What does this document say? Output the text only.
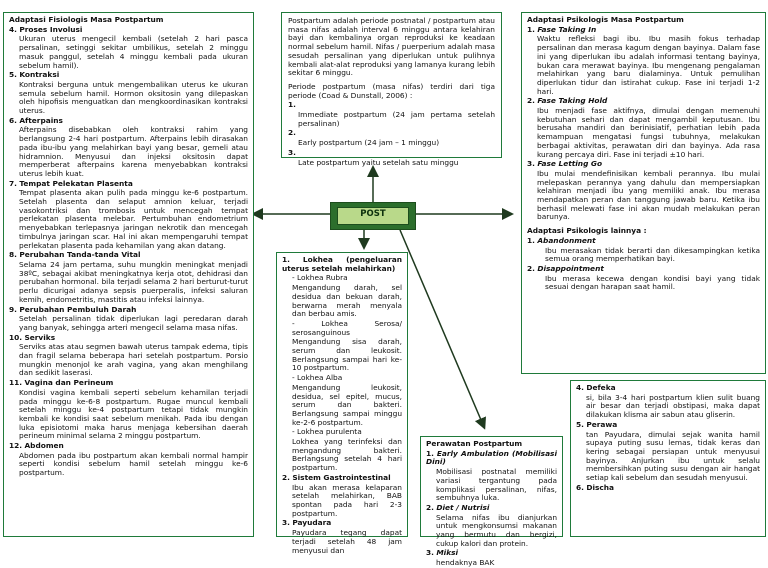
POST

Adaptasi Fisiologis Masa Postpartum

4. Proses Involusi

Ukuran uterus mengecil kembali (setelah 2 hari pasca persalinan, setinggi sekitar umbilikus, setelah 2 minggu masuk panggul, setelah 4 minggu kembali pada ukuran sebelum hamil).

5. Kontraksi

Kontraksi berguna untuk mengembalikan uterus ke ukuran semula sebelum hamil. Hormon oksitosin yang dilepaskan oleh hipofisis menguatkan dan mengkoordinasikan kontraksi uterus.

6. Afterpains

Afterpains disebabkan oleh kontraksi rahim yang berlangsung 2-4 hari postpartum. Afterpains lebih dirasakan pada ibu-ibu yang melahirkan bayi yang besar, gemeli atau hidramnion. Menyusui dan injeksi oksitosin dapat memperberat afterpains karena menyebabkan kontraksi uterus lebih kuat.

7. Tempat Pelekatan Plasenta

Tempat plasenta akan pulih pada minggu ke-6 postpartum. Setelah plasenta dan selaput amnion keluar, terjadi vasokontriksi dan trombosis untuk mencegah tempat perlekatan plasenta melebar. Pertumbuhan endometrium menyebabkan terlepasnya jaringan nekrotik dan mencegah timbulnya jaringan scar. Hal ini akan mempengaruhi tempat perlekatan plasenta pada kehamilan yang akan datang.

8. Perubahan Tanda-tanda Vital

Selama 24 jam pertama, suhu mungkin meningkat menjadi 38ºC, sebagai akibat meningkatnya kerja otot, dehidrasi dan perubahan hormonal. bila terjadi selama 2 hari berturut-turut perlu dicurigai adanya sepsis puerperalis, infeksi saluran kemih, endometritis, mastitis atau infeksi lainnya.

9. Perubahan Pembuluh Darah

Setelah persalinan tidak diperlukan lagi peredaran darah yang banyak, sehingga arteri mengecil selama masa nifas.

10. Serviks

Serviks atas atau segmen bawah uterus tampak edema, tipis dan fragil selama beberapa hari setelah postpartum. Porsio mungkin menonjol ke arah vagina, yang akan menghilang dan sedikit laserasi.

11. Vagina dan Perineum

Kondisi vagina kembali seperti sebelum kehamilan terjadi pada minggu ke-6-8 postpartum. Rugae muncul kembali setelah minggu ke-4 postpartum tetapi tidak mungkin kembali ke kondisi saat sebelum menikah. Pada ibu dengan luka episiotomi maka harus menjaga kebersihan daerah perineum minimal selama 2 minggu postpartum.

12. Abdomen

Abdomen pada ibu postpartum akan kembali normal hampir seperti kondisi sebelum hamil setelah minggu ke-6 postpartum.

Postpartum adalah periode postnatal / postpartum atau masa nifas adalah interval 6 minggu antara kelahiran bayi dan kembalinya organ reproduksi ke keadaan normal sebelum hamil. Nifas / puerperium adalah masa sesudah persalinan yang diperlukan untuk pulihnya kembali alat-alat reproduksi yang lamanya kurang lebih sekitar 6 minggu.

Periode postpartum (masa nifas) terdiri dari tiga periode (Coad & Dunstall, 2006) :

1.

Immediate postpartum (24 jam pertama setelah persalinan)

2.

Early postpartum (24 jam – 1 minggu)

3.

Late postpartum yaitu setelah satu minggu

Adaptasi Psikologis Masa Postpartum

1. Fase Taking In

Waktu refleksi bagi ibu. Ibu masih fokus terhadap persalinan dan merasa kagum dengan bayinya. Dalam fase ini yang diperlukan ibu adalah informasi tentang bayinya, bukan cara merawat bayinya. Ibu mengenang pengalaman melahirkan yang baru dialaminya. Untuk pemulihan diperlukan tidur dan istirahat cukup. Fase ini terjadi 1-2 hari.

2. Fase Taking Hold

Ibu menjadi fase aktifnya, dimulai dengan memenuhi kebutuhan sehari dan dapat mengambil keputusan. Ibu berusaha mandiri dan berinisiatif, perhatian lebih pada kemampuan mengatasi fungsi tubuhnya, melakukan berbagai aktivitas, perawatan diri dan bayinya. Ada rasa kurang percaya diri. Fase ini terjadi ±10 hari.

3. Fase Letting Go

Ibu mulai mendefinisikan kembali perannya. Ibu mulai melepaskan perannya yang dahulu dan mempersiapkan kelahiran menjadi ibu yang memiliki anak. Ibu merasa mendapatkan peran dan tanggung jawab baru. Ketika ibu berhasil melewati fase ini akan mudah melakukan peran barunya.

Adaptasi Psikologis lainnya :

1. Abandonment

Ibu merasakan tidak berarti dan dikesampingkan ketika semua orang memperhatikan bayi.

2. Disappointment

Ibu merasa kecewa dengan kondisi bayi yang tidak sesuai dengan harapan saat hamil.

1. Lokhea (pengeluaran uterus setelah melahirkan)

- Lokhea Rubra

Mengandung darah, sel desidua dan bekuan darah, berwarna merah menyala dan berbau amis.

- Lokhea Serosa/ serosanguinous

Mengandung sisa darah, serum dan leukosit. Berlangsung sampai hari ke-10 postpartum.

- Lokhea Alba

Mengandung leukosit, desidua, sel epitel, mucus, serum dan bakteri. Berlangsung sampai minggu ke-2-6 postpartum.

- Lokhea purulenta

Lokhea yang terinfeksi dan mengandung bakteri. Berlangsung setelah 4 hari postpartum.

2. Sistem Gastrointestinal

Ibu akan merasa kelaparan setelah melahirkan, BAB spontan pada hari 2-3 postpartum.

3. Payudara

Payudara tegang dapat terjadi setelah 48 jam menyusui dan

Perawatan Postpartum

1. Early Ambulation (Mobilisasi Dini)

Mobilisasi postnatal memiliki variasi tergantung pada komplikasi persalinan, nifas, sembuhnya luka.

2. Diet / Nutrisi

Selama nifas ibu dianjurkan untuk mengkonsumsi makanan yang bermutu dan bergizi, cukup kalori dan protein.

3. Miksi

hendaknya BAK

4. Defeka

si, bila 3-4 hari postpartum klien sulit buang air besar dan terjadi obstipasi, maka dapat dilakukan klisma air sabun atau gliserin.

5. Perawa

tan Payudara, dimulai sejak wanita hamil supaya puting susu lemas, tidak keras dan kering sebagai persiapan untuk menyusui bayinya. Anjurkan ibu untuk selalu membersihkan puting susu dengan air hangat setiap kali sebelum dan sesudah menyusui.

6. Discha
